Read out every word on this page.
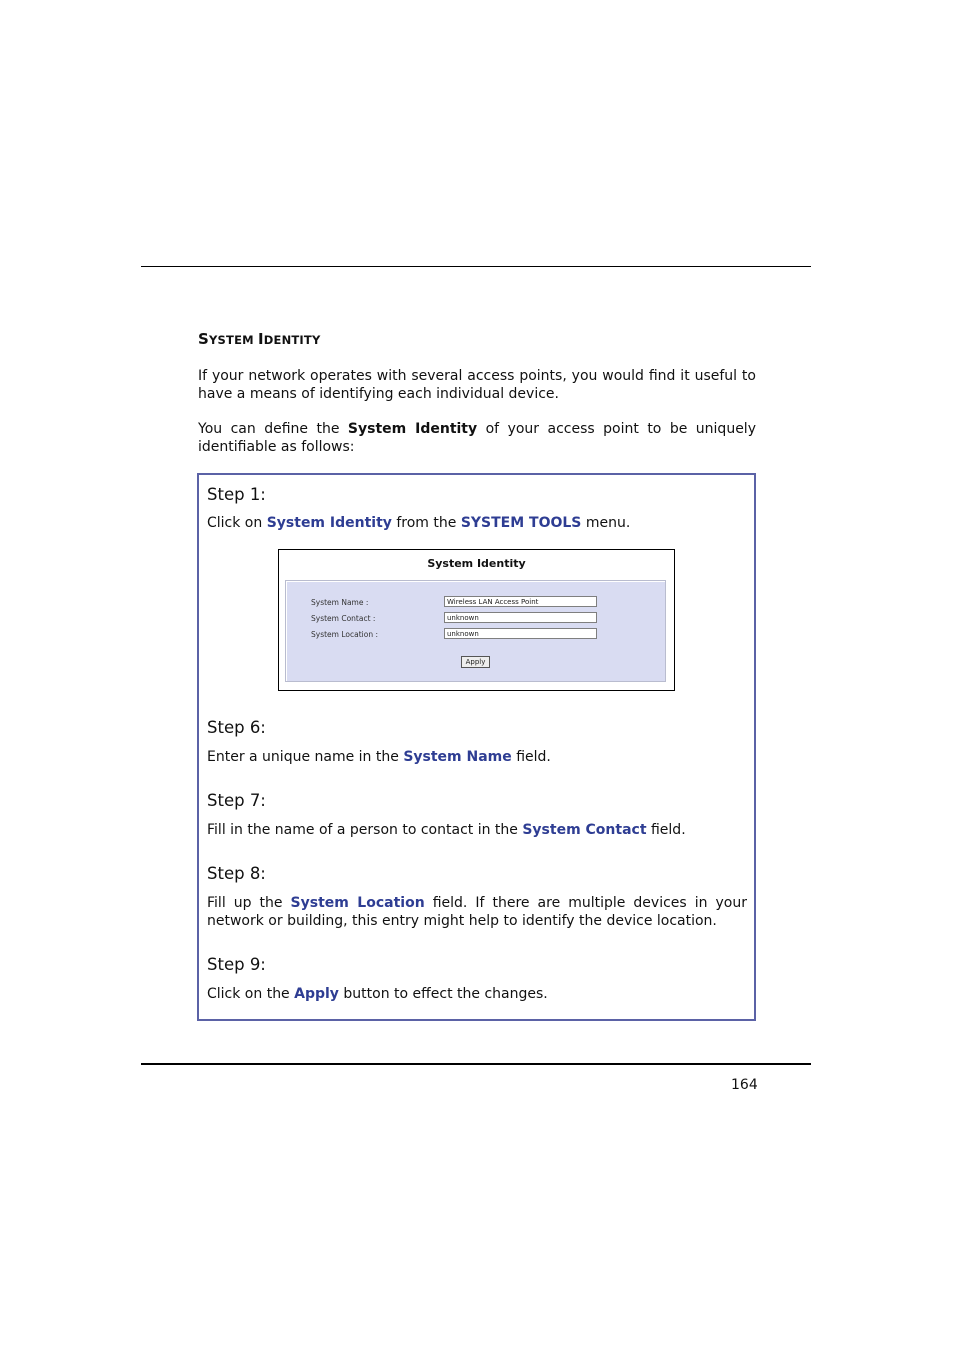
SYSTEM IDENTITY

If your network operates with several access points, you would find it useful to have a means of identifying each individual device.

You can define the System Identity of your access point to be uniquely identifiable as follows:

Step 1:

Click on System Identity from the SYSTEM TOOLS menu.

System Identity
System Name :	Wireless LAN Access Point
System Contact :	unknown
System Location :	unknown
Apply
Step 6:

Enter a unique name in the System Name field.

Step 7:

Fill in the name of a person to contact in the System Contact field.

Step 8:

Fill up the System Location field. If there are multiple devices in your network or building, this entry might help to identify the device location.

Step 9:

Click on the Apply button to effect the changes.

164
